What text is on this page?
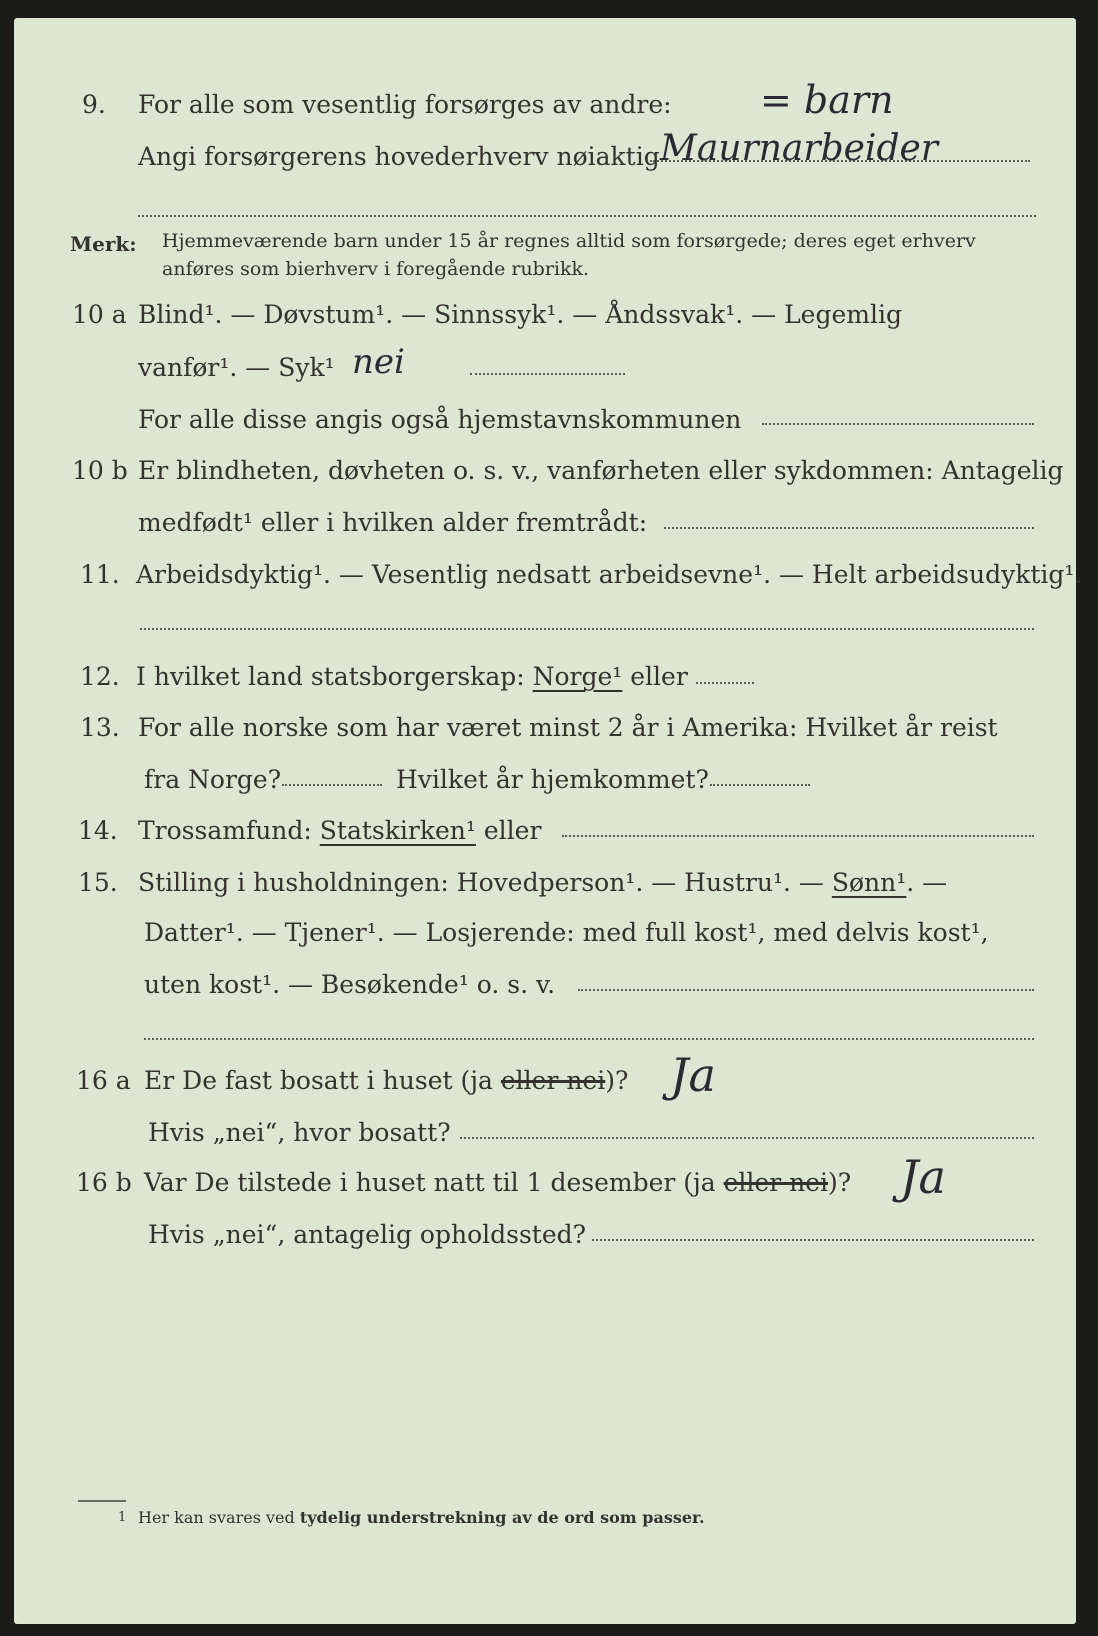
9. For alle som vesentlig forsørges av andre: = barn
Angi forsørgerens hovederhverv nøiaktig Maurnarbeider
Merk: Hjemmeværende barn under 15 år regnes alltid som forsørgede; deres eget erhverv
anføres som bierhverv i foregående rubrikk.
10 a Blind¹. — Døvstum¹. — Sinnssyk¹. — Åndssvak¹. — Legemlig
vanfør¹. — Syk¹ nei
For alle disse angis også hjemstavnskommunen
10 b Er blindheten, døvheten o. s. v., vanførheten eller sykdommen: Antagelig
medfødt¹ eller i hvilken alder fremtrådt:
11. Arbeidsdyktig¹. — Vesentlig nedsatt arbeidsevne¹. — Helt arbeidsudyktig¹.
12. I hvilket land statsborgerskap: Norge¹ eller
13. For alle norske som har været minst 2 år i Amerika: Hvilket år reist
fra Norge?	Hvilket år hjemkommet?
14. Trossamfund: Statskirken¹ eller
15. Stilling i husholdningen: Hovedperson¹. — Hustru¹. — Sønn¹. —
Datter¹. — Tjener¹. — Losjerende: med full kost¹, med delvis kost¹,
uten kost¹. — Besøkende¹ o. s. v.
16 a Er De fast bosatt i huset (ja eller nei)? Ja
Hvis „nei“, hvor bosatt?
16 b Var De tilstede i huset natt til 1 desember (ja eller nei)? Ja
Hvis „nei“, antagelig opholdssted?
1 Her kan svares ved tydelig understrekning av de ord som passer.
